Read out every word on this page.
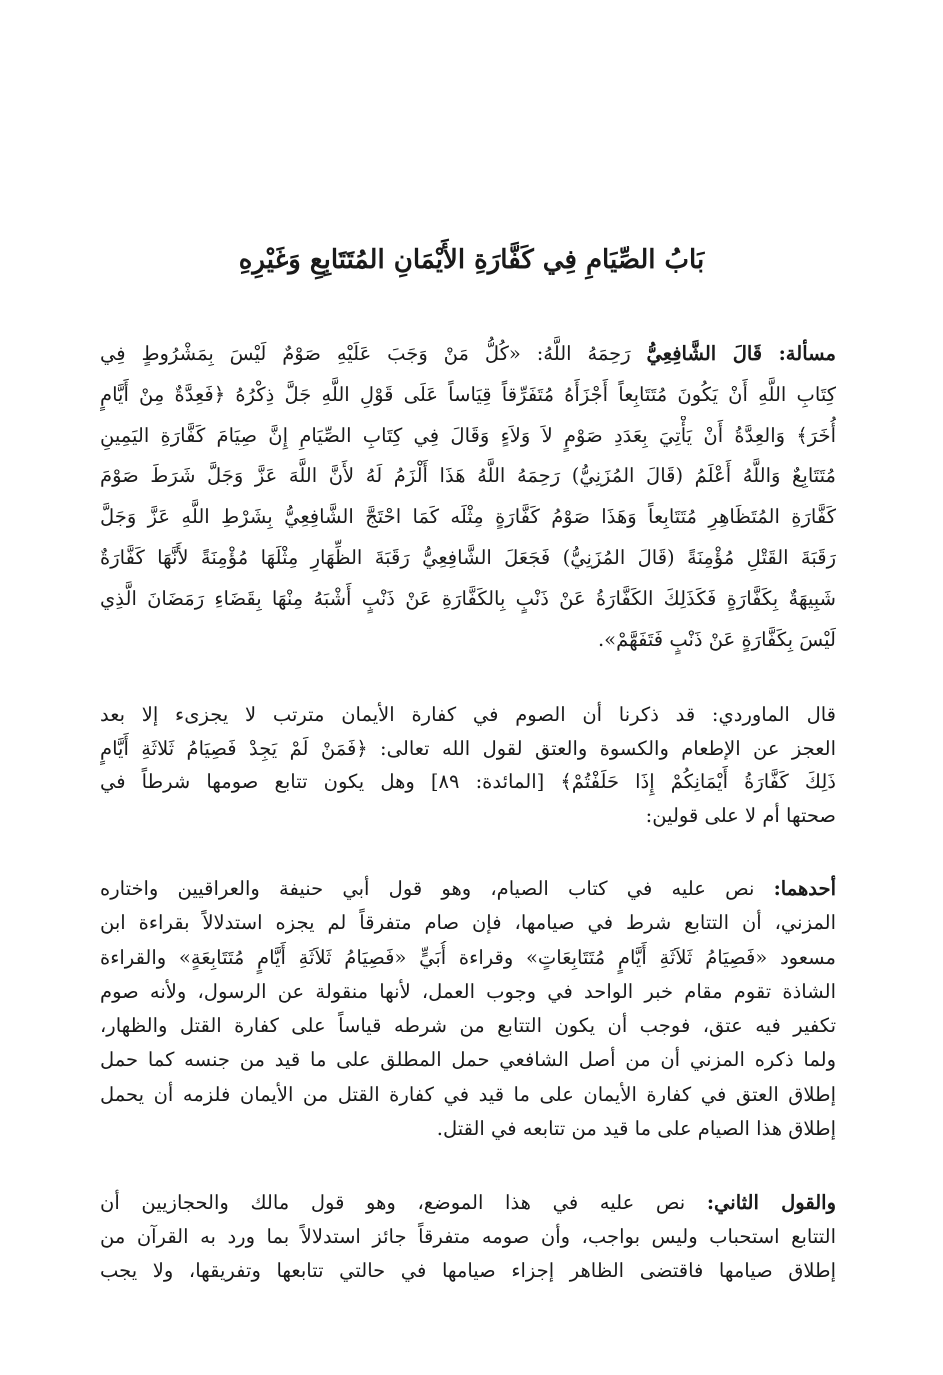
بَابُ الصِّيَامِ فِي كَفَّارَةِ الأَيْمَانِ المُتَتَابِعِ وَغَيْرِهِ
مسألة: قَالَ الشَّافِعِيُّ رَحِمَهُ اللَّهُ: «كُلُّ مَنْ وَجَبَ عَلَيْهِ صَوْمٌ لَيْسَ بِمَشْرُوطٍ فِي
كِتَابِ اللَّهِ أَنْ يَكُونَ مُتَتَابِعاً أَجْزَأَهُ مُتَفَرِّقاً قِيَاساً عَلَى قَوْلِ اللَّهِ جَلَّ ذِكْرُهُ ﴿فَعِدَّةٌ مِنْ أَيَّامٍ
أُخَرَ﴾ وَالعِدَّةُ أَنْ يَأْتِيَ بِعَدَدِ صَوْمٍ لاَ وَلاَءٍ وَقَالَ فِي كِتَابِ الصِّيَامِ إِنَّ صِيَامَ كَفَّارَةِ اليَمِينِ
مُتَتَابِعٌ وَاللَّهُ أَعْلَمُ (قَالَ المُزَنِيُّ) رَحِمَهُ اللَّهُ هَذَا أَلْزَمُ لَهُ لأَنَّ اللَّهَ عَزَّ وَجَلَّ شَرَطَ صَوْمَ
كَفَّارَةِ المُتَظَاهِرِ مُتَتَابِعاً وَهَذَا صَوْمُ كَفَّارَةٍ مِثْلَه كَمَا احْتَجَّ الشَّافِعِيُّ بِشَرْطِ اللَّهِ عَزَّ وَجَلَّ
رَقَبَةَ القَتْلِ مُؤْمِنَةً (قَالَ المُزَنِيُّ) فَجَعَلَ الشَّافِعِيُّ رَقَبَةَ الظِّهَارِ مِثْلَهَا مُؤْمِنَةً لأَنَّهَا كَفَّارَةٌ
شَبِيهَةٌ بِكَفَّارَةٍ فَكَذَلِكَ الكَفَّارَةُ عَنْ ذَنْبٍ بِالكَفَّارَةِ عَنْ ذَنْبٍ أَشْبَهُ مِنْهَا بِقَضَاءِ رَمَضَانَ الَّذِي
لَيْسَ بِكَفَّارَةٍ عَنْ ذَنْبٍ فَتَفَهَّمْ».
قال الماوردي: قد ذكرنا أن الصوم في كفارة الأيمان مترتب لا يجزىء إلا بعد
العجز عن الإطعام والكسوة والعتق لقول الله تعالى: ﴿فَمَنْ لَمْ يَجِدْ فَصِيَامُ ثَلاثَةِ أَيَّامٍ
ذَلِكَ كَفَّارَةُ أَيْمَانِكُمْ إِذَا حَلَفْتُمْ﴾ [المائدة: ٨٩] وهل يكون تتابع صومها شرطاً في
صحتها أم لا على قولين:
أحدهما: نص عليه في كتاب الصيام، وهو قول أبي حنيفة والعراقيين واختاره
المزني، أن التتابع شرط في صيامها، فإن صام متفرقاً لم يجزه استدلالاً بقراءة ابن
مسعود «فَصِيَامُ ثَلاَثَةِ أَيَّامٍ مُتَتَابِعَاتٍ» وقراءة أُبَيٍّ «فَصِيَامُ ثَلاَثَةِ أَيَّامٍ مُتَتَابِعَةٍ» والقراءة
الشاذة تقوم مقام خبر الواحد في وجوب العمل، لأنها منقولة عن الرسول، ولأنه صوم
تكفير فيه عتق، فوجب أن يكون التتابع من شرطه قياساً على كفارة القتل والظهار،
ولما ذكره المزني أن من أصل الشافعي حمل المطلق على ما قيد من جنسه كما حمل
إطلاق العتق في كفارة الأيمان على ما قيد في كفارة القتل من الأيمان فلزمه أن يحمل
إطلاق هذا الصيام على ما قيد من تتابعه في القتل.
والقول الثاني: نص عليه في هذا الموضع، وهو قول مالك والحجازيين أن
التتابع استحباب وليس بواجب، وأن صومه متفرقاً جائز استدلالاً بما ورد به القرآن من
إطلاق صيامها فاقتضى الظاهر إجزاء صيامها في حالتي تتابعها وتفريقها، ولا يجب
